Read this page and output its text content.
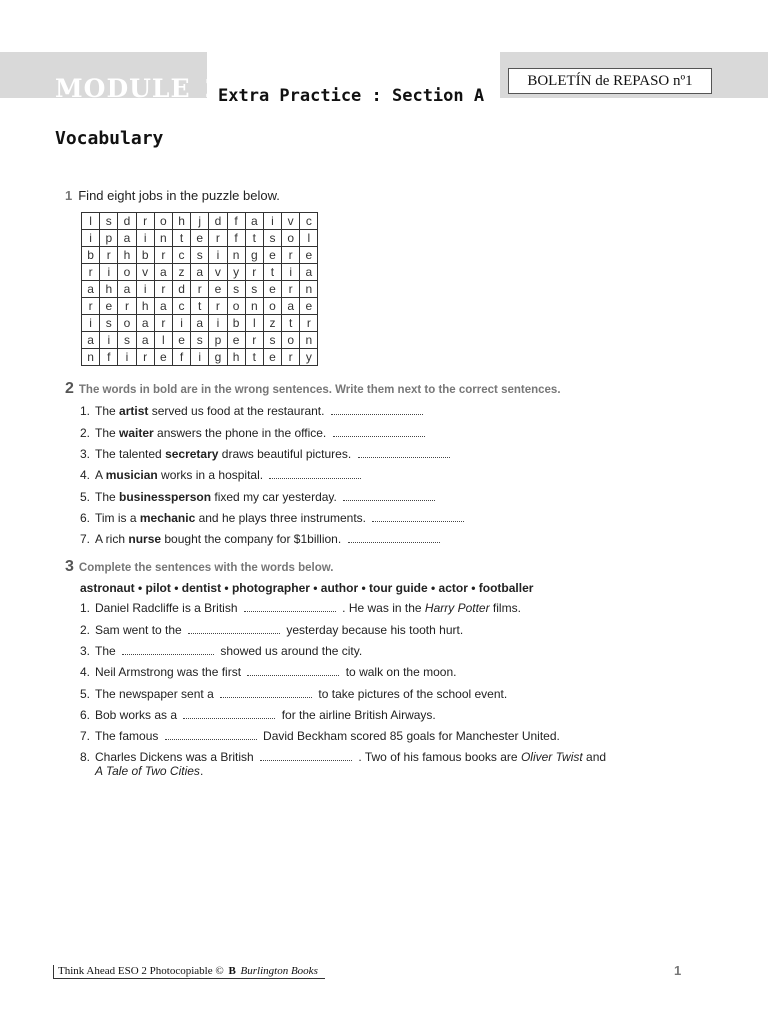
MODULE 2
Extra Practice : Section A
BOLETÍN de REPASO nº1
Vocabulary
1 Find eight jobs in the puzzle below.
l	s	d	r	o	h	j	d	f	a	i	v	c
i	p	a	i	n	t	e	r	f	t	s	o	l
b	r	h	b	r	c	s	i	n	g	e	r	e
r	i	o	v	a	z	a	v	y	r	t	i	a
a	h	a	i	r	d	r	e	s	s	e	r	n
r	e	r	h	a	c	t	r	o	n	o	a	e
i	s	o	a	r	i	a	i	b	l	z	t	r
a	i	s	a	l	e	s	p	e	r	s	o	n
n	f	i	r	e	f	i	g	h	t	e	r	y
2 The words in bold are in the wrong sentences. Write them next to the correct sentences.
1. The artist served us food at the restaurant.
2. The waiter answers the phone in the office.
3. The talented secretary draws beautiful pictures.
4. A musician works in a hospital.
5. The businessperson fixed my car yesterday.
6. Tim is a mechanic and he plays three instruments.
7. A rich nurse bought the company for $1billion.
3 Complete the sentences with the words below.
astronaut • pilot • dentist • photographer • author • tour guide • actor • footballer
1. Daniel Radcliffe is a British	. He was in the Harry Potter films.
2. Sam went to the	yesterday because his tooth hurt.
3. The	showed us around the city.
4. Neil Armstrong was the first	to walk on the moon.
5. The newspaper sent a	to take pictures of the school event.
6. Bob works as a	for the airline British Airways.
7. The famous	David Beckham scored 85 goals for Manchester United.
8. Charles Dickens was a British	. Two of his famous books are Oliver Twist and
A Tale of Two Cities.
Think Ahead ESO 2 Photocopiable © B Burlington Books	1
